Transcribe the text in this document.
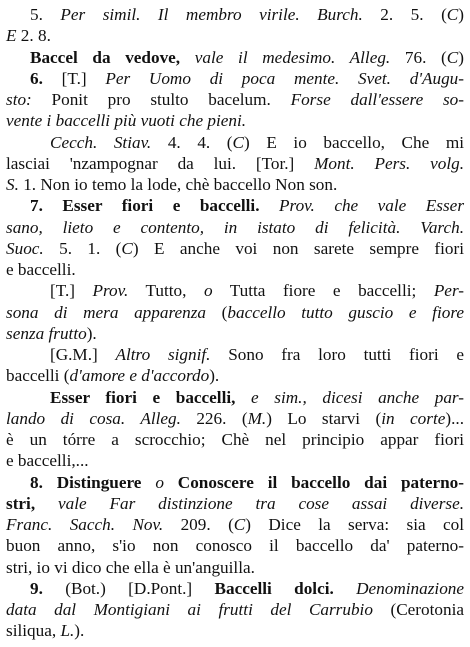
5. Per simil. Il membro virile. Burch. 2. 5. (C)
E 2. 8.
Baccel da vedove, vale il medesimo. Alleg. 76. (C)
6. [T.] Per Uomo di poca mente. Svet. d'Augu-
sto: Ponit pro stulto bacelum. Forse dall'essere so-
vente i baccelli più vuoti che pieni.
Cecch. Stiav. 4. 4. (C) E io baccello, Che mi
lasciai 'nzampognar da lui. [Tor.] Mont. Pers. volg.
S. 1. Non io temo la lode, chè baccello Non son.
7. Esser fiori e baccelli. Prov. che vale Esser
sano, lieto e contento, in istato di felicità. Varch.
Suoc. 5. 1. (C) E anche voi non sarete sempre fiori
e baccelli.
[T.] Prov. Tutto, o Tutta fiore e baccelli; Per-
sona di mera apparenza (baccello tutto guscio e fiore
senza frutto).
[G.M.] Altro signif. Sono fra loro tutti fiori e
baccelli (d'amore e d'accordo).
Esser fiori e baccelli, e sim., dicesi anche par-
lando di cosa. Alleg. 226. (M.) Lo starvi (in corte)...
è un tórre a scrocchio; Chè nel principio appar fiori
e baccelli,...
8. Distinguere o Conoscere il baccello dai paterno-
stri, vale Far distinzione tra cose assai diverse.
Franc. Sacch. Nov. 209. (C) Dice la serva: sia col
buon anno, s'io non conosco il baccello da' paterno-
stri, io vi dico che ella è un'anguilla.
9. (Bot.) [D.Pont.] Baccelli dolci. Denominazione
data dal Montigiani ai frutti del Carrubio (Cerotonia
siliqua, L.).
